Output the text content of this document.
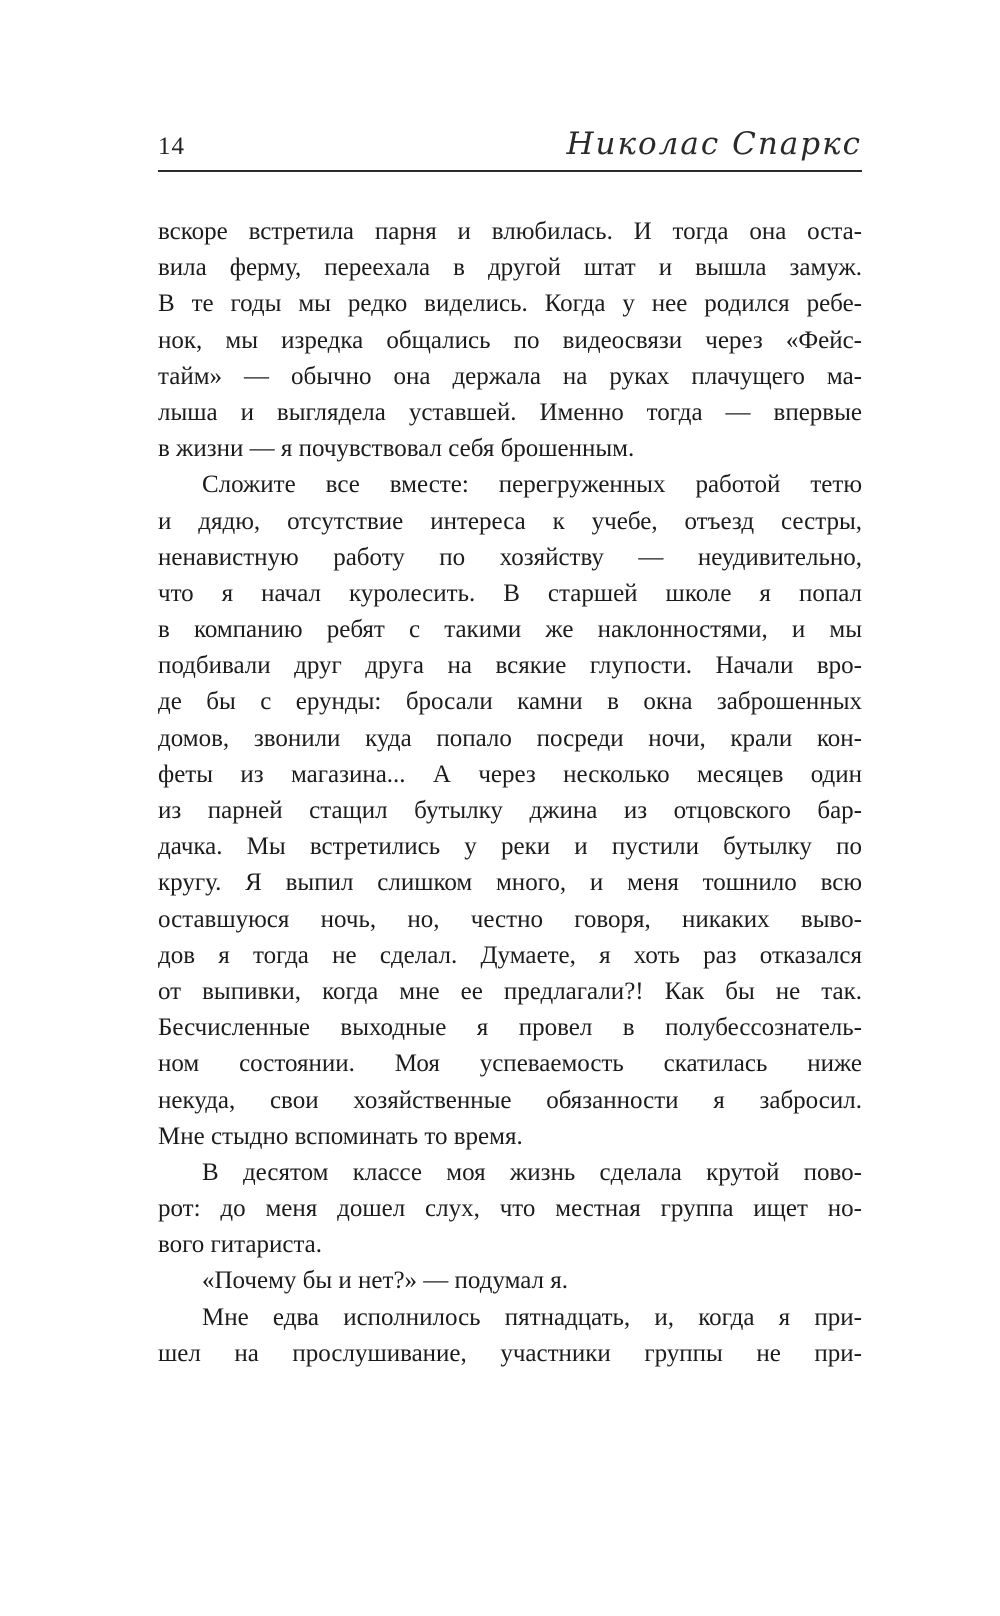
14	Николас Спаркс
вскоре встретила парня и влюбилась. И тогда она оста-
вила ферму, переехала в другой штат и вышла замуж.
В те годы мы редко виделись. Когда у нее родился ребе-
нок, мы изредка общались по видеосвязи через «Фейс-
тайм» — обычно она держала на руках плачущего ма-
лыша и выглядела уставшей. Именно тогда — впервые
в жизни — я почувствовал себя брошенным.
Сложите все вместе: перегруженных работой тетю
и дядю, отсутствие интереса к учебе, отъезд сестры,
ненавистную работу по хозяйству — неудивительно,
что я начал куролесить. В старшей школе я попал
в компанию ребят с такими же наклонностями, и мы
подбивали друг друга на всякие глупости. Начали вро-
де бы с ерунды: бросали камни в окна заброшенных
домов, звонили куда попало посреди ночи, крали кон-
феты из магазина... А через несколько месяцев один
из парней стащил бутылку джина из отцовского бар-
дачка. Мы встретились у реки и пустили бутылку по
кругу. Я выпил слишком много, и меня тошнило всю
оставшуюся ночь, но, честно говоря, никаких выво-
дов я тогда не сделал. Думаете, я хоть раз отказался
от выпивки, когда мне ее предлагали?! Как бы не так.
Бесчисленные выходные я провел в полубессознатель-
ном состоянии. Моя успеваемость скатилась ниже
некуда, свои хозяйственные обязанности я забросил.
Мне стыдно вспоминать то время.
В десятом классе моя жизнь сделала крутой пово-
рот: до меня дошел слух, что местная группа ищет но-
вого гитариста.
«Почему бы и нет?» — подумал я.
Мне едва исполнилось пятнадцать, и, когда я при-
шел на прослушивание, участники группы не при-
